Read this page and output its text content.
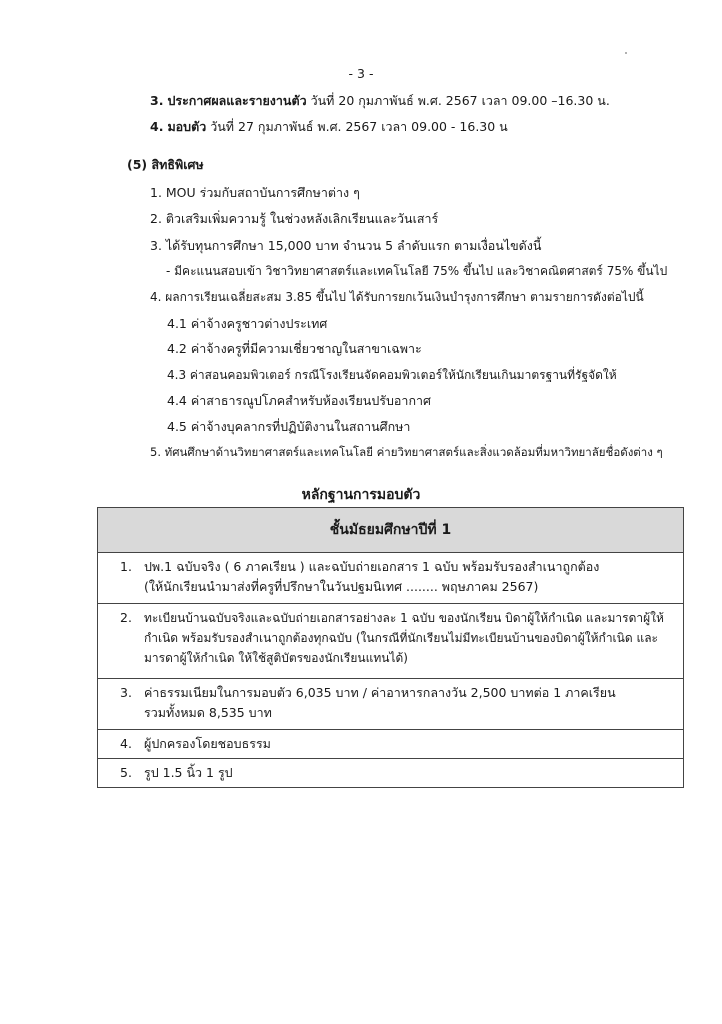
- 3 -
3. ประกาศผลและรายงานตัว วันที่ 20 กุมภาพันธ์ พ.ศ. 2567 เวลา 09.00 –16.30 น.
4. มอบตัว วันที่ 27 กุมภาพันธ์ พ.ศ. 2567 เวลา 09.00 - 16.30 น
(5) สิทธิพิเศษ
1. MOU ร่วมกับสถาบันการศึกษาต่าง ๆ
2. ติวเสริมเพิ่มความรู้ ในช่วงหลังเลิกเรียนและวันเสาร์
3. ได้รับทุนการศึกษา 15,000 บาท จำนวน 5 ลำดับแรก ตามเงื่อนไขดังนี้
- มีคะแนนสอบเข้า วิชาวิทยาศาสตร์และเทคโนโลยี 75% ขึ้นไป และวิชาคณิตศาสตร์ 75% ขึ้นไป
4. ผลการเรียนเฉลี่ยสะสม 3.85 ขึ้นไป ได้รับการยกเว้นเงินบำรุงการศึกษา ตามรายการดังต่อไปนี้
4.1 ค่าจ้างครูชาวต่างประเทศ
4.2 ค่าจ้างครูที่มีความเชี่ยวชาญในสาขาเฉพาะ
4.3 ค่าสอนคอมพิวเตอร์ กรณีโรงเรียนจัดคอมพิวเตอร์ให้นักเรียนเกินมาตรฐานที่รัฐจัดให้
4.4 ค่าสาธารณูปโภคสำหรับห้องเรียนปรับอากาศ
4.5 ค่าจ้างบุคลากรที่ปฏิบัติงานในสถานศึกษา
5. ทัศนศึกษาด้านวิทยาศาสตร์และเทคโนโลยี ค่ายวิทยาศาสตร์และสิ่งแวดล้อมที่มหาวิทยาลัยชื่อดังต่าง ๆ
หลักฐานการมอบตัว
ชั้นมัธยมศึกษาปีที่ 1

1. ปพ.1 ฉบับจริง ( 6 ภาคเรียน ) และฉบับถ่ายเอกสาร 1 ฉบับ พร้อมรับรองสำเนาถูกต้อง
(ให้นักเรียนนำมาส่งที่ครูที่ปรึกษาในวันปฐมนิเทศ ........ พฤษภาคม 2567)

2. ทะเบียนบ้านฉบับจริงและฉบับถ่ายเอกสารอย่างละ 1 ฉบับ ของนักเรียน บิดาผู้ให้กำเนิด และมารดาผู้ให้
กำเนิด พร้อมรับรองสำเนาถูกต้องทุกฉบับ (ในกรณีที่นักเรียนไม่มีทะเบียนบ้านของบิดาผู้ให้กำเนิด และ
มารดาผู้ให้กำเนิด ให้ใช้สูติบัตรของนักเรียนแทนได้)

3. ค่าธรรมเนียมในการมอบตัว 6,035 บาท / ค่าอาหารกลางวัน 2,500 บาทต่อ 1 ภาคเรียน
รวมทั้งหมด 8,535 บาท

4. ผู้ปกครองโดยชอบธรรม

5. รูป 1.5 นิ้ว 1 รูป
